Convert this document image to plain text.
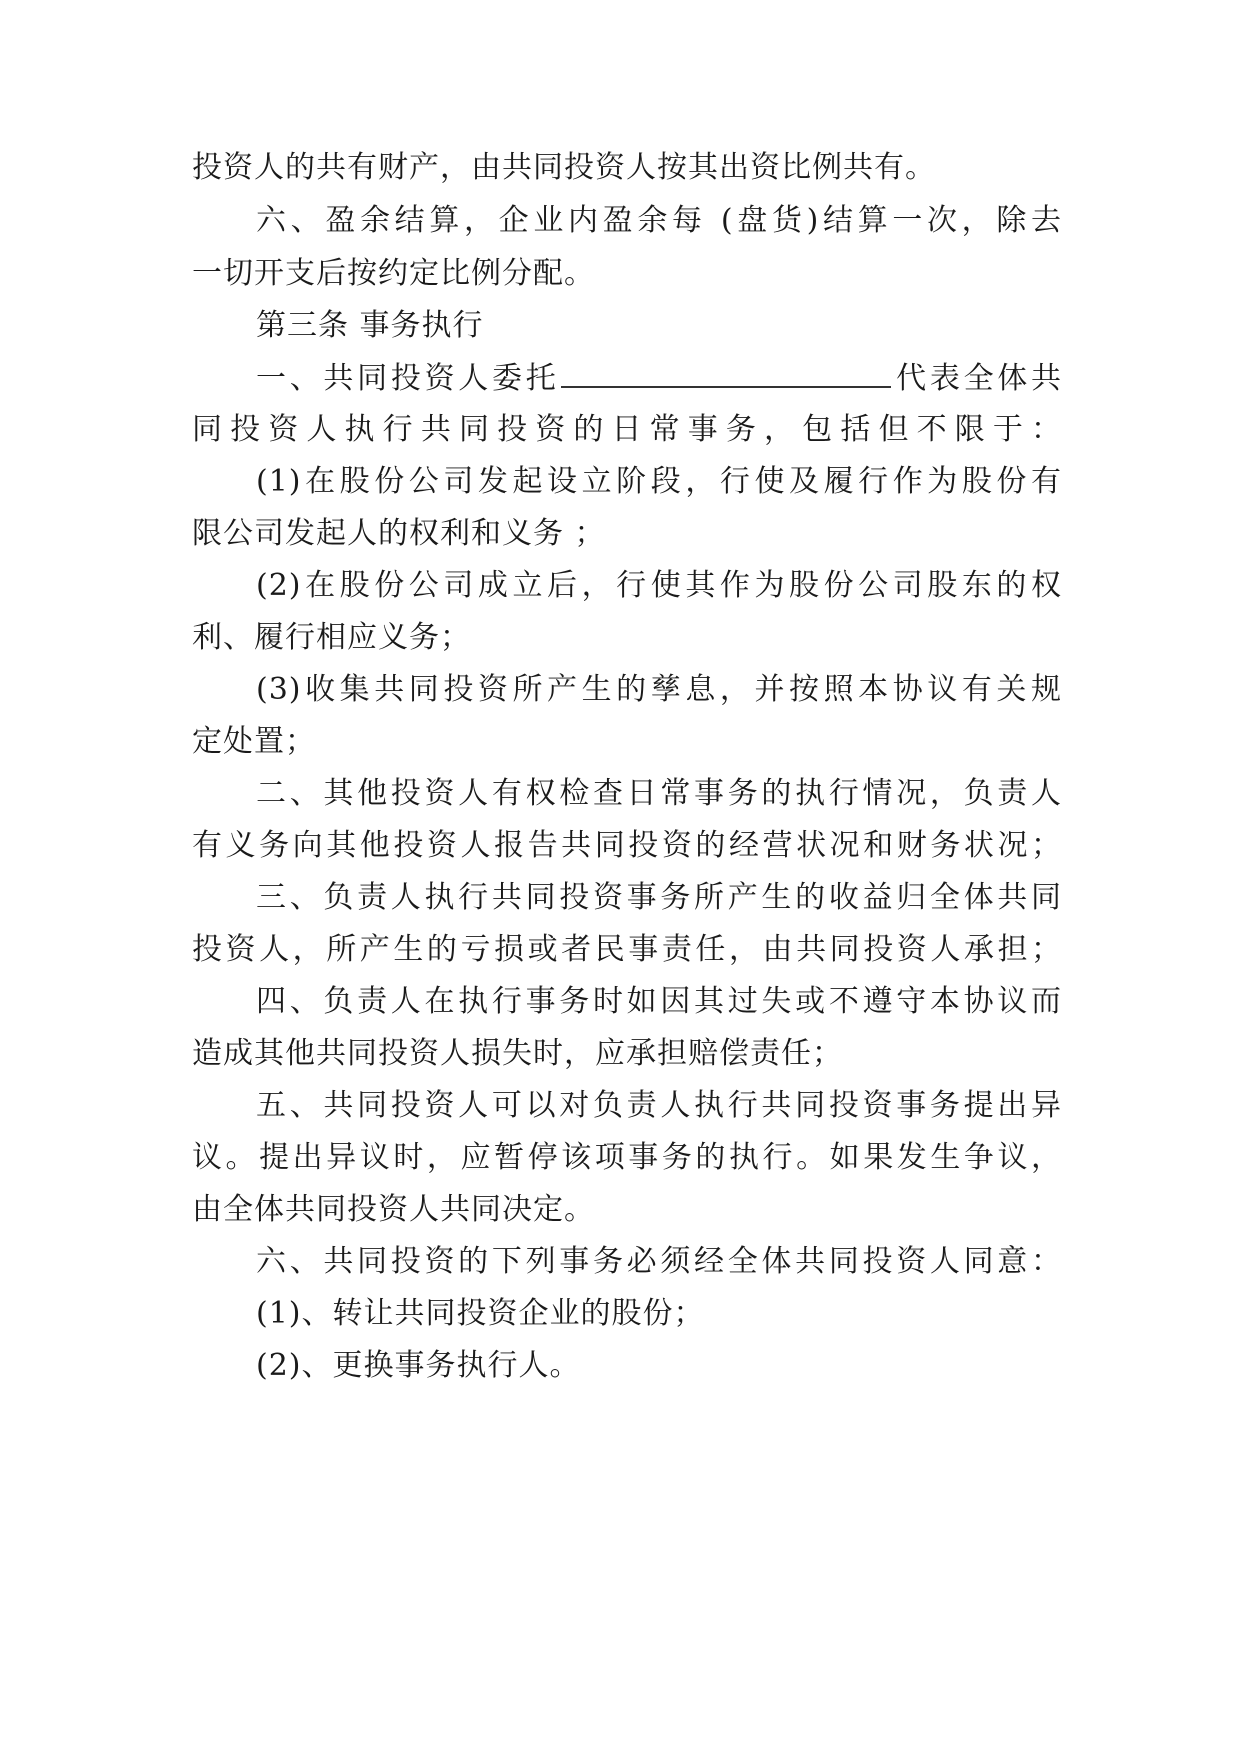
投资人的共有财产，由共同投资人按其出资比例共有。
六、盈余结算，企业内盈余每 (盘货)结算一次，除去
一切开支后按约定比例分配。
第三条 事务执行
一、共同投资人委托	代表全体共
同投资人执行共同投资的日常事务，包括但不限于：
(1)在股份公司发起设立阶段，行使及履行作为股份有
限公司发起人的权利和义务 ；
(2)在股份公司成立后，行使其作为股份公司股东的权
利、履行相应义务；
(3)收集共同投资所产生的孳息，并按照本协议有关规
定处置；
二、其他投资人有权检查日常事务的执行情况，负责人
有义务向其他投资人报告共同投资的经营状况和财务状况；
三、负责人执行共同投资事务所产生的收益归全体共同
投资人，所产生的亏损或者民事责任，由共同投资人承担；
四、负责人在执行事务时如因其过失或不遵守本协议而
造成其他共同投资人损失时，应承担赔偿责任；
五、共同投资人可以对负责人执行共同投资事务提出异
议。提出异议时，应暂停该项事务的执行。如果发生争议，
由全体共同投资人共同决定。
六、共同投资的下列事务必须经全体共同投资人同意：
(1)、转让共同投资企业的股份；
(2)、更换事务执行人。
